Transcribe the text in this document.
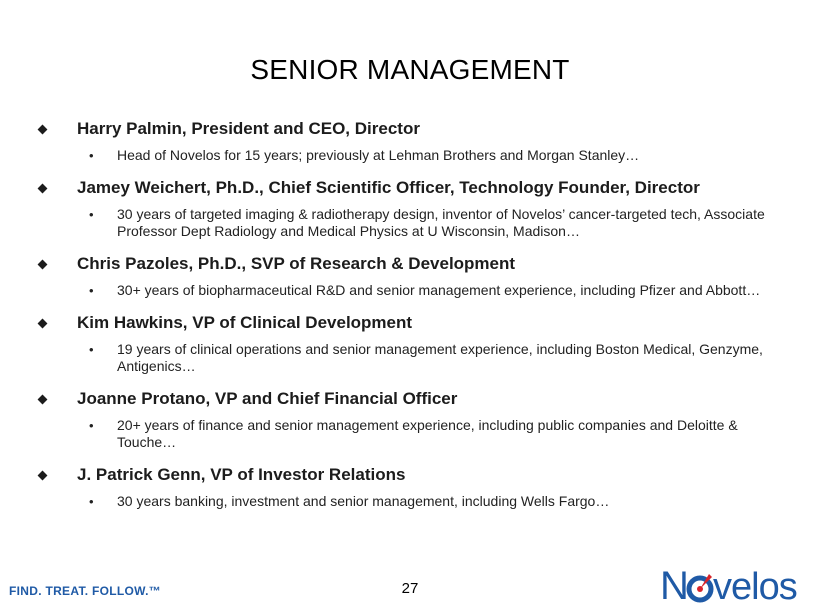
SENIOR MANAGEMENT
Harry Palmin, President and CEO, Director
• Head of Novelos for 15 years; previously at Lehman Brothers and Morgan Stanley…
Jamey Weichert, Ph.D., Chief Scientific Officer, Technology Founder, Director
• 30 years of targeted imaging & radiotherapy design, inventor of Novelos’ cancer-targeted tech, Associate Professor Dept Radiology and Medical Physics at U Wisconsin, Madison…
Chris Pazoles, Ph.D., SVP of Research & Development
• 30+ years of biopharmaceutical R&D and senior management experience, including Pfizer and Abbott…
Kim Hawkins, VP of Clinical Development
• 19 years of clinical operations and senior management experience, including Boston Medical, Genzyme, Antigenics…
Joanne Protano, VP and Chief Financial Officer
• 20+ years of finance and senior management experience, including public companies and Deloitte & Touche…
J. Patrick Genn, VP of Investor Relations
• 30 years banking, investment and senior management, including Wells Fargo…
FIND. TREAT. FOLLOW.™	27	N velos
